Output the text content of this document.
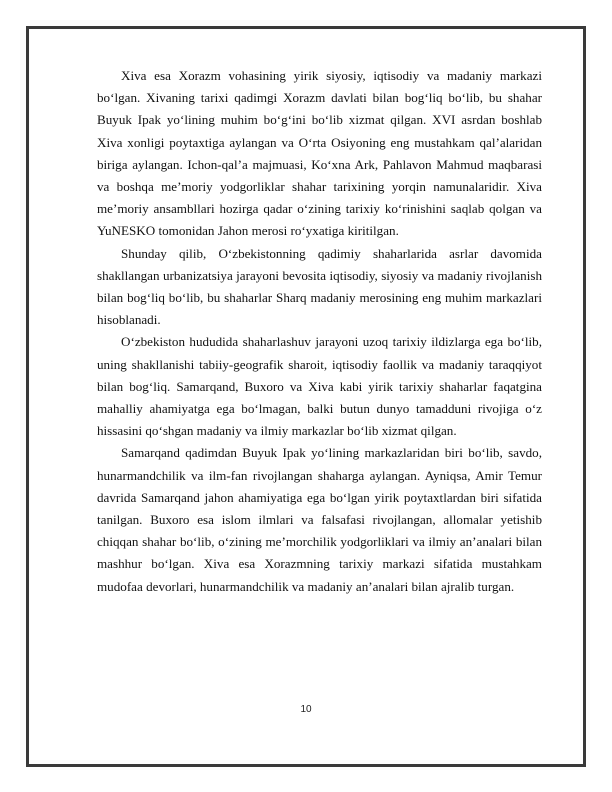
Xiva esa Xorazm vohasining yirik siyosiy, iqtisodiy va madaniy markazi bo‘lgan. Xivaning tarixi qadimgi Xorazm davlati bilan bog‘liq bo‘lib, bu shahar Buyuk Ipak yo‘lining muhim bo‘g‘ini bo‘lib xizmat qilgan. XVI asrdan boshlab Xiva xonligi poytaxtiga aylangan va O‘rta Osiyoning eng mustahkam qal’alaridan biriga aylangan. Ichon-qal’a majmuasi, Ko‘xna Ark, Pahlavon Mahmud maqbarasi va boshqa me’moriy yodgorliklar shahar tarixining yorqin namunalaridir. Xiva me’moriy ansambllari hozirga qadar o‘zining tarixiy ko‘rinishini saqlab qolgan va YuNESKO tomonidan Jahon merosi ro‘yxatiga kiritilgan.

Shunday qilib, O‘zbekistonning qadimiy shaharlarida asrlar davomida shakllangan urbanizatsiya jarayoni bevosita iqtisodiy, siyosiy va madaniy rivojlanish bilan bog‘liq bo‘lib, bu shaharlar Sharq madaniy merosining eng muhim markazlari hisoblanadi.

O‘zbekiston hududida shaharlashuv jarayoni uzoq tarixiy ildizlarga ega bo‘lib, uning shakllanishi tabiiy-geografik sharoit, iqtisodiy faollik va madaniy taraqqiyot bilan bog‘liq. Samarqand, Buxoro va Xiva kabi yirik tarixiy shaharlar faqatgina mahalliy ahamiyatga ega bo‘lmagan, balki butun dunyo tamadduni rivojiga o‘z hissasini qo‘shgan madaniy va ilmiy markazlar bo‘lib xizmat qilgan.

Samarqand qadimdan Buyuk Ipak yo‘lining markazlaridan biri bo‘lib, savdo, hunarmandchilik va ilm-fan rivojlangan shaharga aylangan. Ayniqsa, Amir Temur davrida Samarqand jahon ahamiyatiga ega bo‘lgan yirik poytaxtlardan biri sifatida tanilgan. Buxoro esa islom ilmlari va falsafasi rivojlangan, allomalar yetishib chiqqan shahar bo‘lib, o‘zining me’morchilik yodgorliklari va ilmiy an’analari bilan mashhur bo‘lgan. Xiva esa Xorazmning tarixiy markazi sifatida mustahkam mudofaa devorlari, hunarmandchilik va madaniy an’analari bilan ajralib turgan.

10
